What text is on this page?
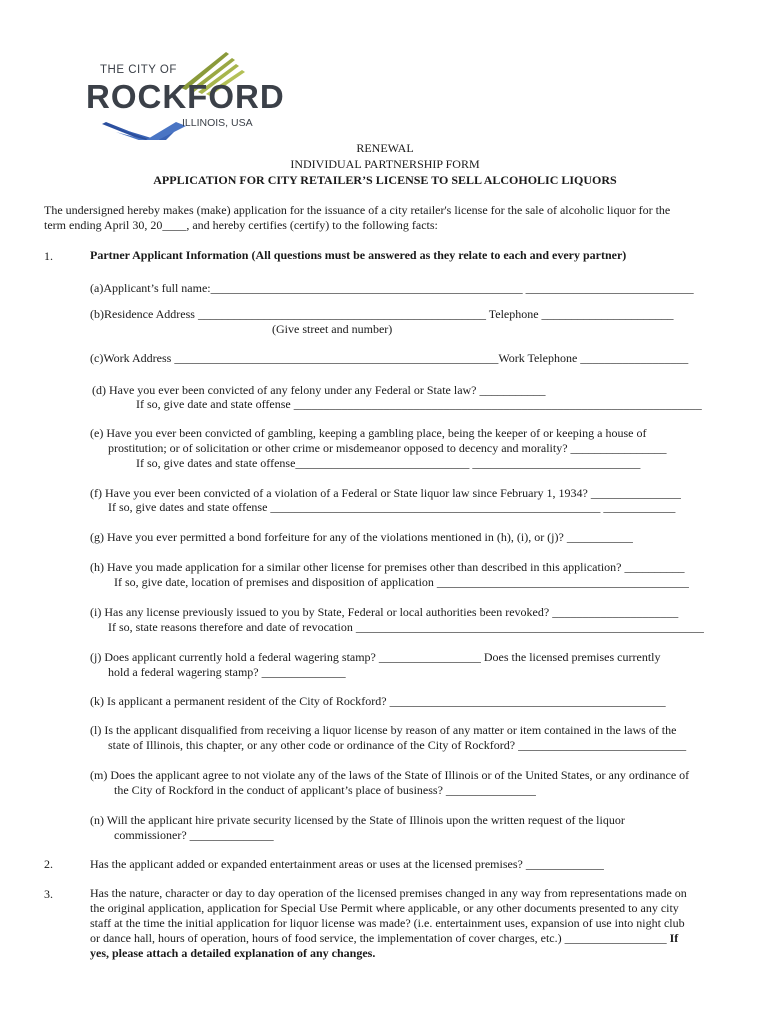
THE CITY OF
ROCKFORD
ILLINOIS, USA
RENEWAL
INDIVIDUAL PARTNERSHIP FORM
APPLICATION FOR CITY RETAILER’S LICENSE TO SELL ALCOHOLIC LIQUORS
The undersigned hereby makes (make) application for the issuance of a city retailer's license for the sale of alcoholic liquor for the
term ending April 30, 20____, and hereby certifies (certify) to the following facts:
1.	Partner Applicant Information (All questions must be answered as they relate to each and every partner)
(a)Applicant’s full name:____________________________________________________ ____________________________
(b)Residence Address ________________________________________________ Telephone ______________________
(Give street and number)
(c)Work Address ______________________________________________________Work Telephone __________________
(d) Have you ever been convicted of any felony under any Federal or State law? ___________
If so, give date and state offense ____________________________________________________________________
(e) Have you ever been convicted of gambling, keeping a gambling place, being the keeper of or keeping a house of
prostitution; or of solicitation or other crime or misdemeanor opposed to decency and morality? ________________
If so, give dates and state offense_____________________________ ____________________________
(f) Have you ever been convicted of a violation of a Federal or State liquor law since February 1, 1934? _______________
If so, give dates and state offense _______________________________________________________ ____________
(g) Have you ever permitted a bond forfeiture for any of the violations mentioned in (h), (i), or (j)? ___________
(h) Have you made application for a similar other license for premises other than described in this application? __________
If so, give date, location of premises and disposition of application __________________________________________
(i) Has any license previously issued to you by State, Federal or local authorities been revoked? _____________________
If so, state reasons therefore and date of revocation __________________________________________________________
(j) Does applicant currently hold a federal wagering stamp? _________________ Does the licensed premises currently
hold a federal wagering stamp? ______________
(k) Is applicant a permanent resident of the City of Rockford? ______________________________________________
(l) Is the applicant disqualified from receiving a liquor license by reason of any matter or item contained in the laws of the
state of Illinois, this chapter, or any other code or ordinance of the City of Rockford? ____________________________
(m) Does the applicant agree to not violate any of the laws of the State of Illinois or of the United States, or any ordinance of
the City of Rockford in the conduct of applicant’s place of business? _______________
(n) Will the applicant hire private security licensed by the State of Illinois upon the written request of the liquor
commissioner? ______________
2.	Has the applicant added or expanded entertainment areas or uses at the licensed premises? _____________
3.	Has the nature, character or day to day operation of the licensed premises changed in any way from representations made on
the original application, application for Special Use Permit where applicable, or any other documents presented to any city
staff at the time the initial application for liquor license was made? (i.e. entertainment uses, expansion of use into night club
or dance hall, hours of operation, hours of food service, the implementation of cover charges, etc.) _________________ If
yes, please attach a detailed explanation of any changes.
